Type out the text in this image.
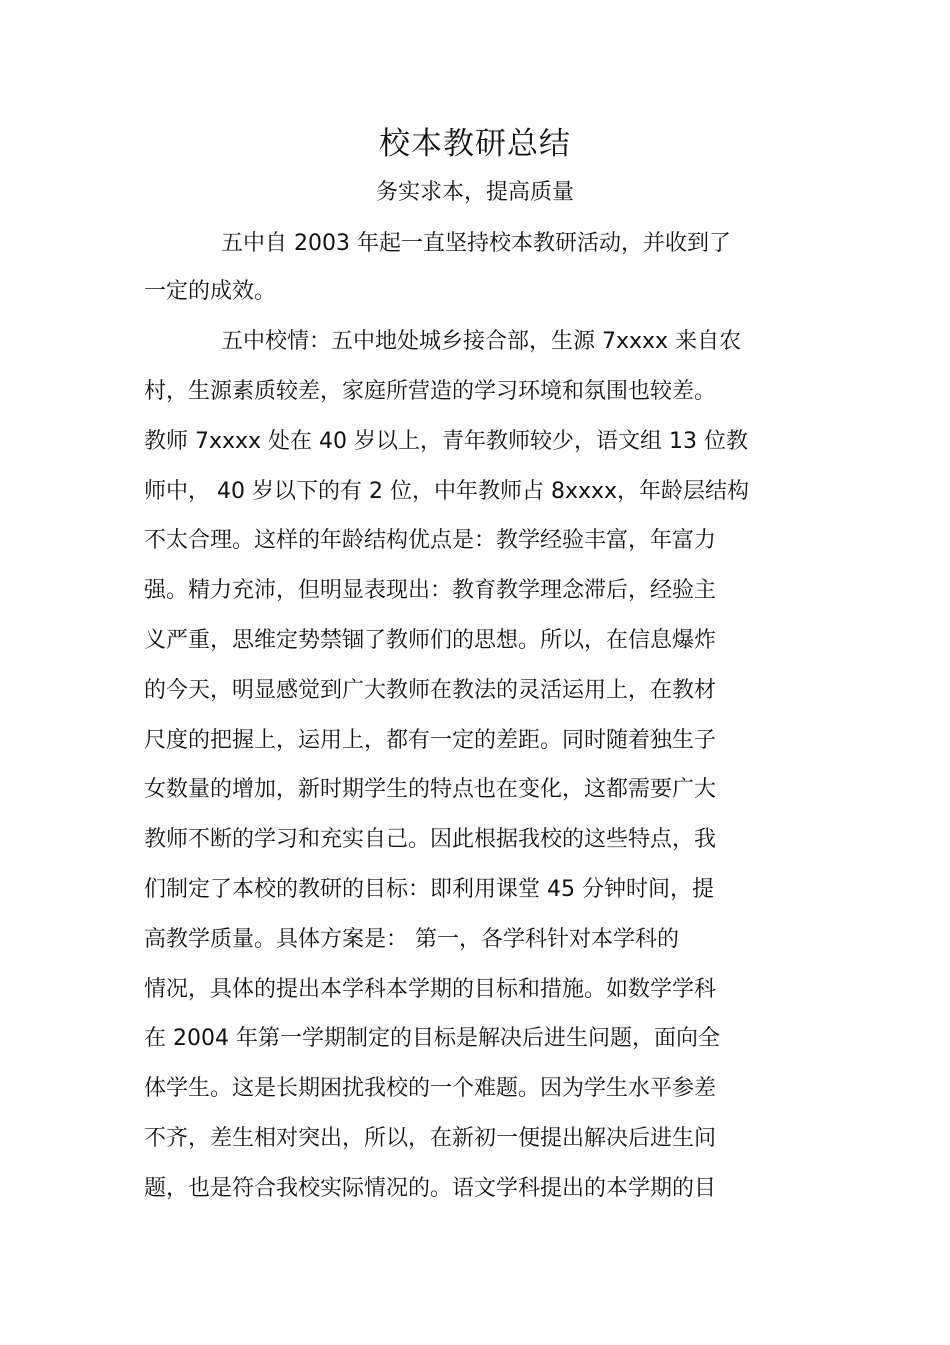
校本教研总结
务实求本，提高质量
五中自 2003 年起一直坚持校本教研活动，并收到了
一定的成效。
五中校情：五中地处城乡接合部，生源 7xxxx 来自农
村，生源素质较差，家庭所营造的学习环境和氛围也较差。
教师 7xxxx 处在 40 岁以上，青年教师较少，语文组 13 位教
师中， 40 岁以下的有 2 位，中年教师占 8xxxx，年龄层结构
不太合理。这样的年龄结构优点是：教学经验丰富，年富力
强。精力充沛，但明显表现出：教育教学理念滞后，经验主
义严重，思维定势禁锢了教师们的思想。所以，在信息爆炸
的今天，明显感觉到广大教师在教法的灵活运用上，在教材
尺度的把握上，运用上，都有一定的差距。同时随着独生子
女数量的增加，新时期学生的特点也在变化，这都需要广大
教师不断的学习和充实自己。因此根据我校的这些特点，我
们制定了本校的教研的目标：即利用课堂 45 分钟时间，提
高教学质量。具体方案是： 第一，各学科针对本学科的
情况，具体的提出本学科本学期的目标和措施。如数学学科
在 2004 年第一学期制定的目标是解决后进生问题，面向全
体学生。这是长期困扰我校的一个难题。因为学生水平参差
不齐，差生相对突出，所以，在新初一便提出解决后进生问
题，也是符合我校实际情况的。语文学科提出的本学期的目
